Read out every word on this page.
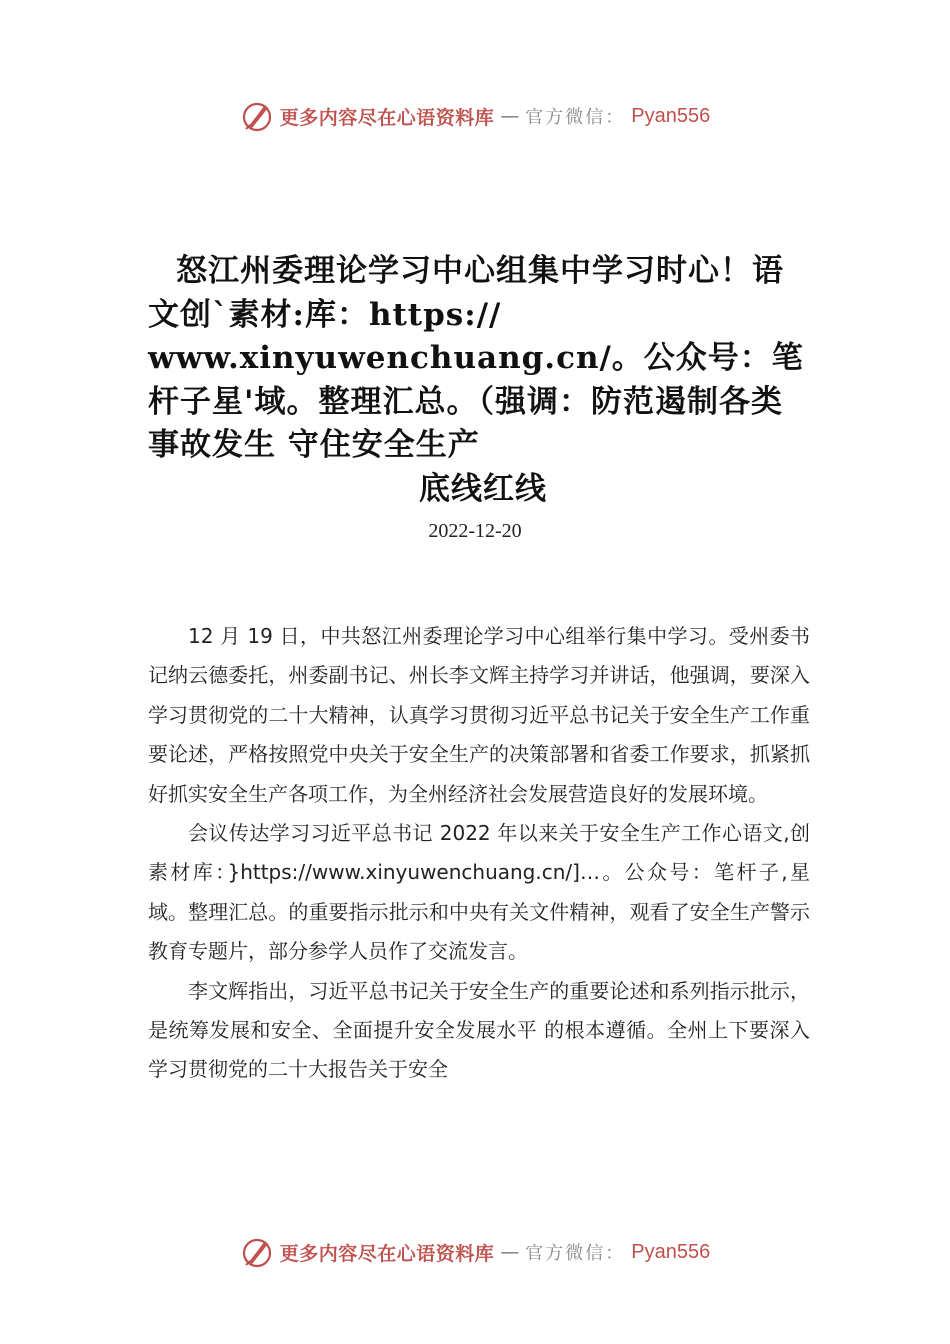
更多内容尽在心语资料库 — 官方微信： Pyan556
怒江州委理论学习中心组集中学习时心！语文创`素材:库：https://
www.xinyuwenchuang.cn/。公众号：笔杆子星'域。整理汇总。（强调：防范遏制各类事故发生 守住安全生产
底线红线
2022-12-20

12 月 19 日，中共怒江州委理论学习中心组举行集中学习。受州委书记纳云德委托，州委副书记、州长李文辉主持学习并讲话，他强调，要深入学习贯彻党的二十大精神，认真学习贯彻习近平总书记关于安全生产工作重要论述，严格按照党中央关于安全生产的决策部署和省委工作要求，抓紧抓好抓实安全生产各项工作，为全州经济社会发展营造良好的发展环境。

会议传达学习习近平总书记 2022 年以来关于安全生产工作心语文,创素材库：}https://www.xinyuwenchuang.cn/]…。公众号：笔杆子,星域。整理汇总。的重要指示批示和中央有关文件精神，观看了安全生产警示教育专题片，部分参学人员作了交流发言。

李文辉指出，习近平总书记关于安全生产的重要论述和系列指示批示，是统筹发展和安全、全面提升安全发展水平 的根本遵循。全州上下要深入学习贯彻党的二十大报告关于安全

更多内容尽在心语资料库 — 官方微信： Pyan556
